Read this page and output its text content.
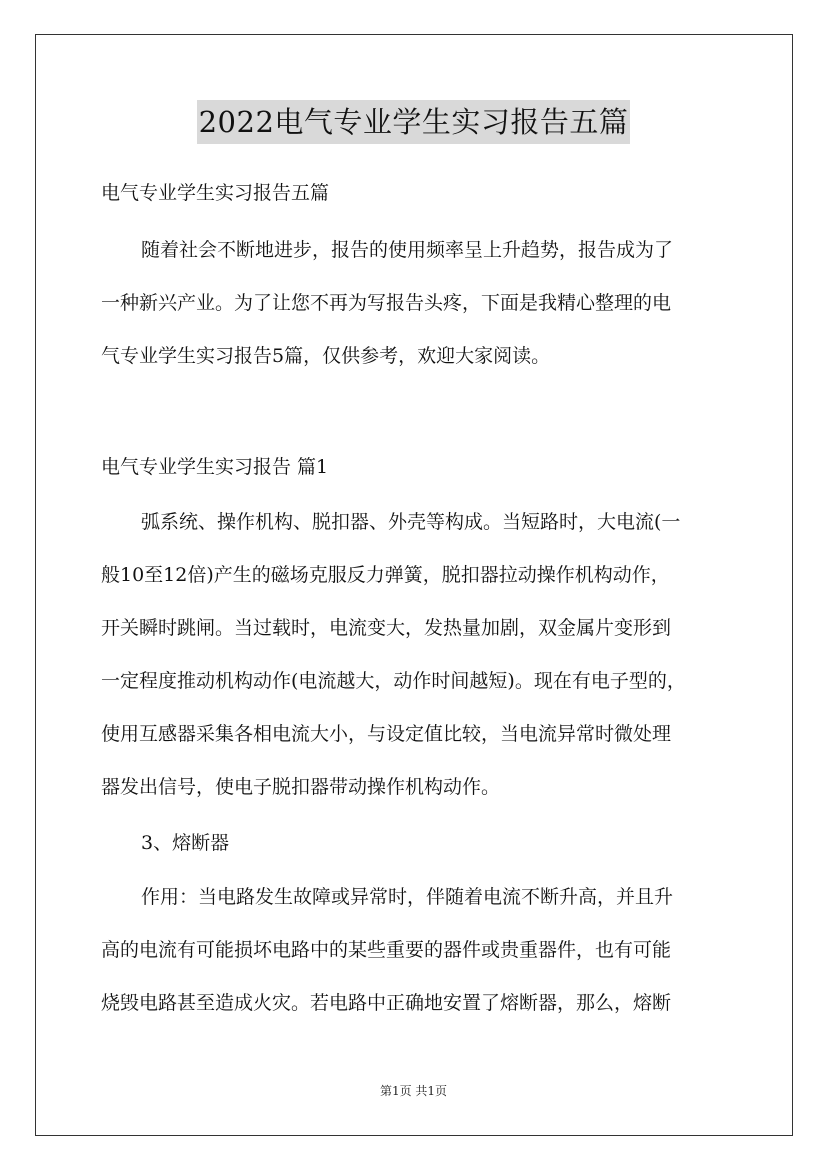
2022电气专业学生实习报告五篇

电气专业学生实习报告五篇

随着社会不断地进步，报告的使用频率呈上升趋势，报告成为了

一种新兴产业。为了让您不再为写报告头疼，下面是我精心整理的电

气专业学生实习报告5篇，仅供参考，欢迎大家阅读。

电气专业学生实习报告 篇1

弧系统、操作机构、脱扣器、外壳等构成。当短路时，大电流(一

般10至12倍)产生的磁场克服反力弹簧，脱扣器拉动操作机构动作，

开关瞬时跳闸。当过载时，电流变大，发热量加剧，双金属片变形到

一定程度推动机构动作(电流越大，动作时间越短)。现在有电子型的，

使用互感器采集各相电流大小，与设定值比较，当电流异常时微处理

器发出信号，使电子脱扣器带动操作机构动作。

3、熔断器

作用：当电路发生故障或异常时，伴随着电流不断升高，并且升

高的电流有可能损坏电路中的某些重要的器件或贵重器件，也有可能

烧毁电路甚至造成火灾。若电路中正确地安置了熔断器，那么，熔断

第1页 共1页
